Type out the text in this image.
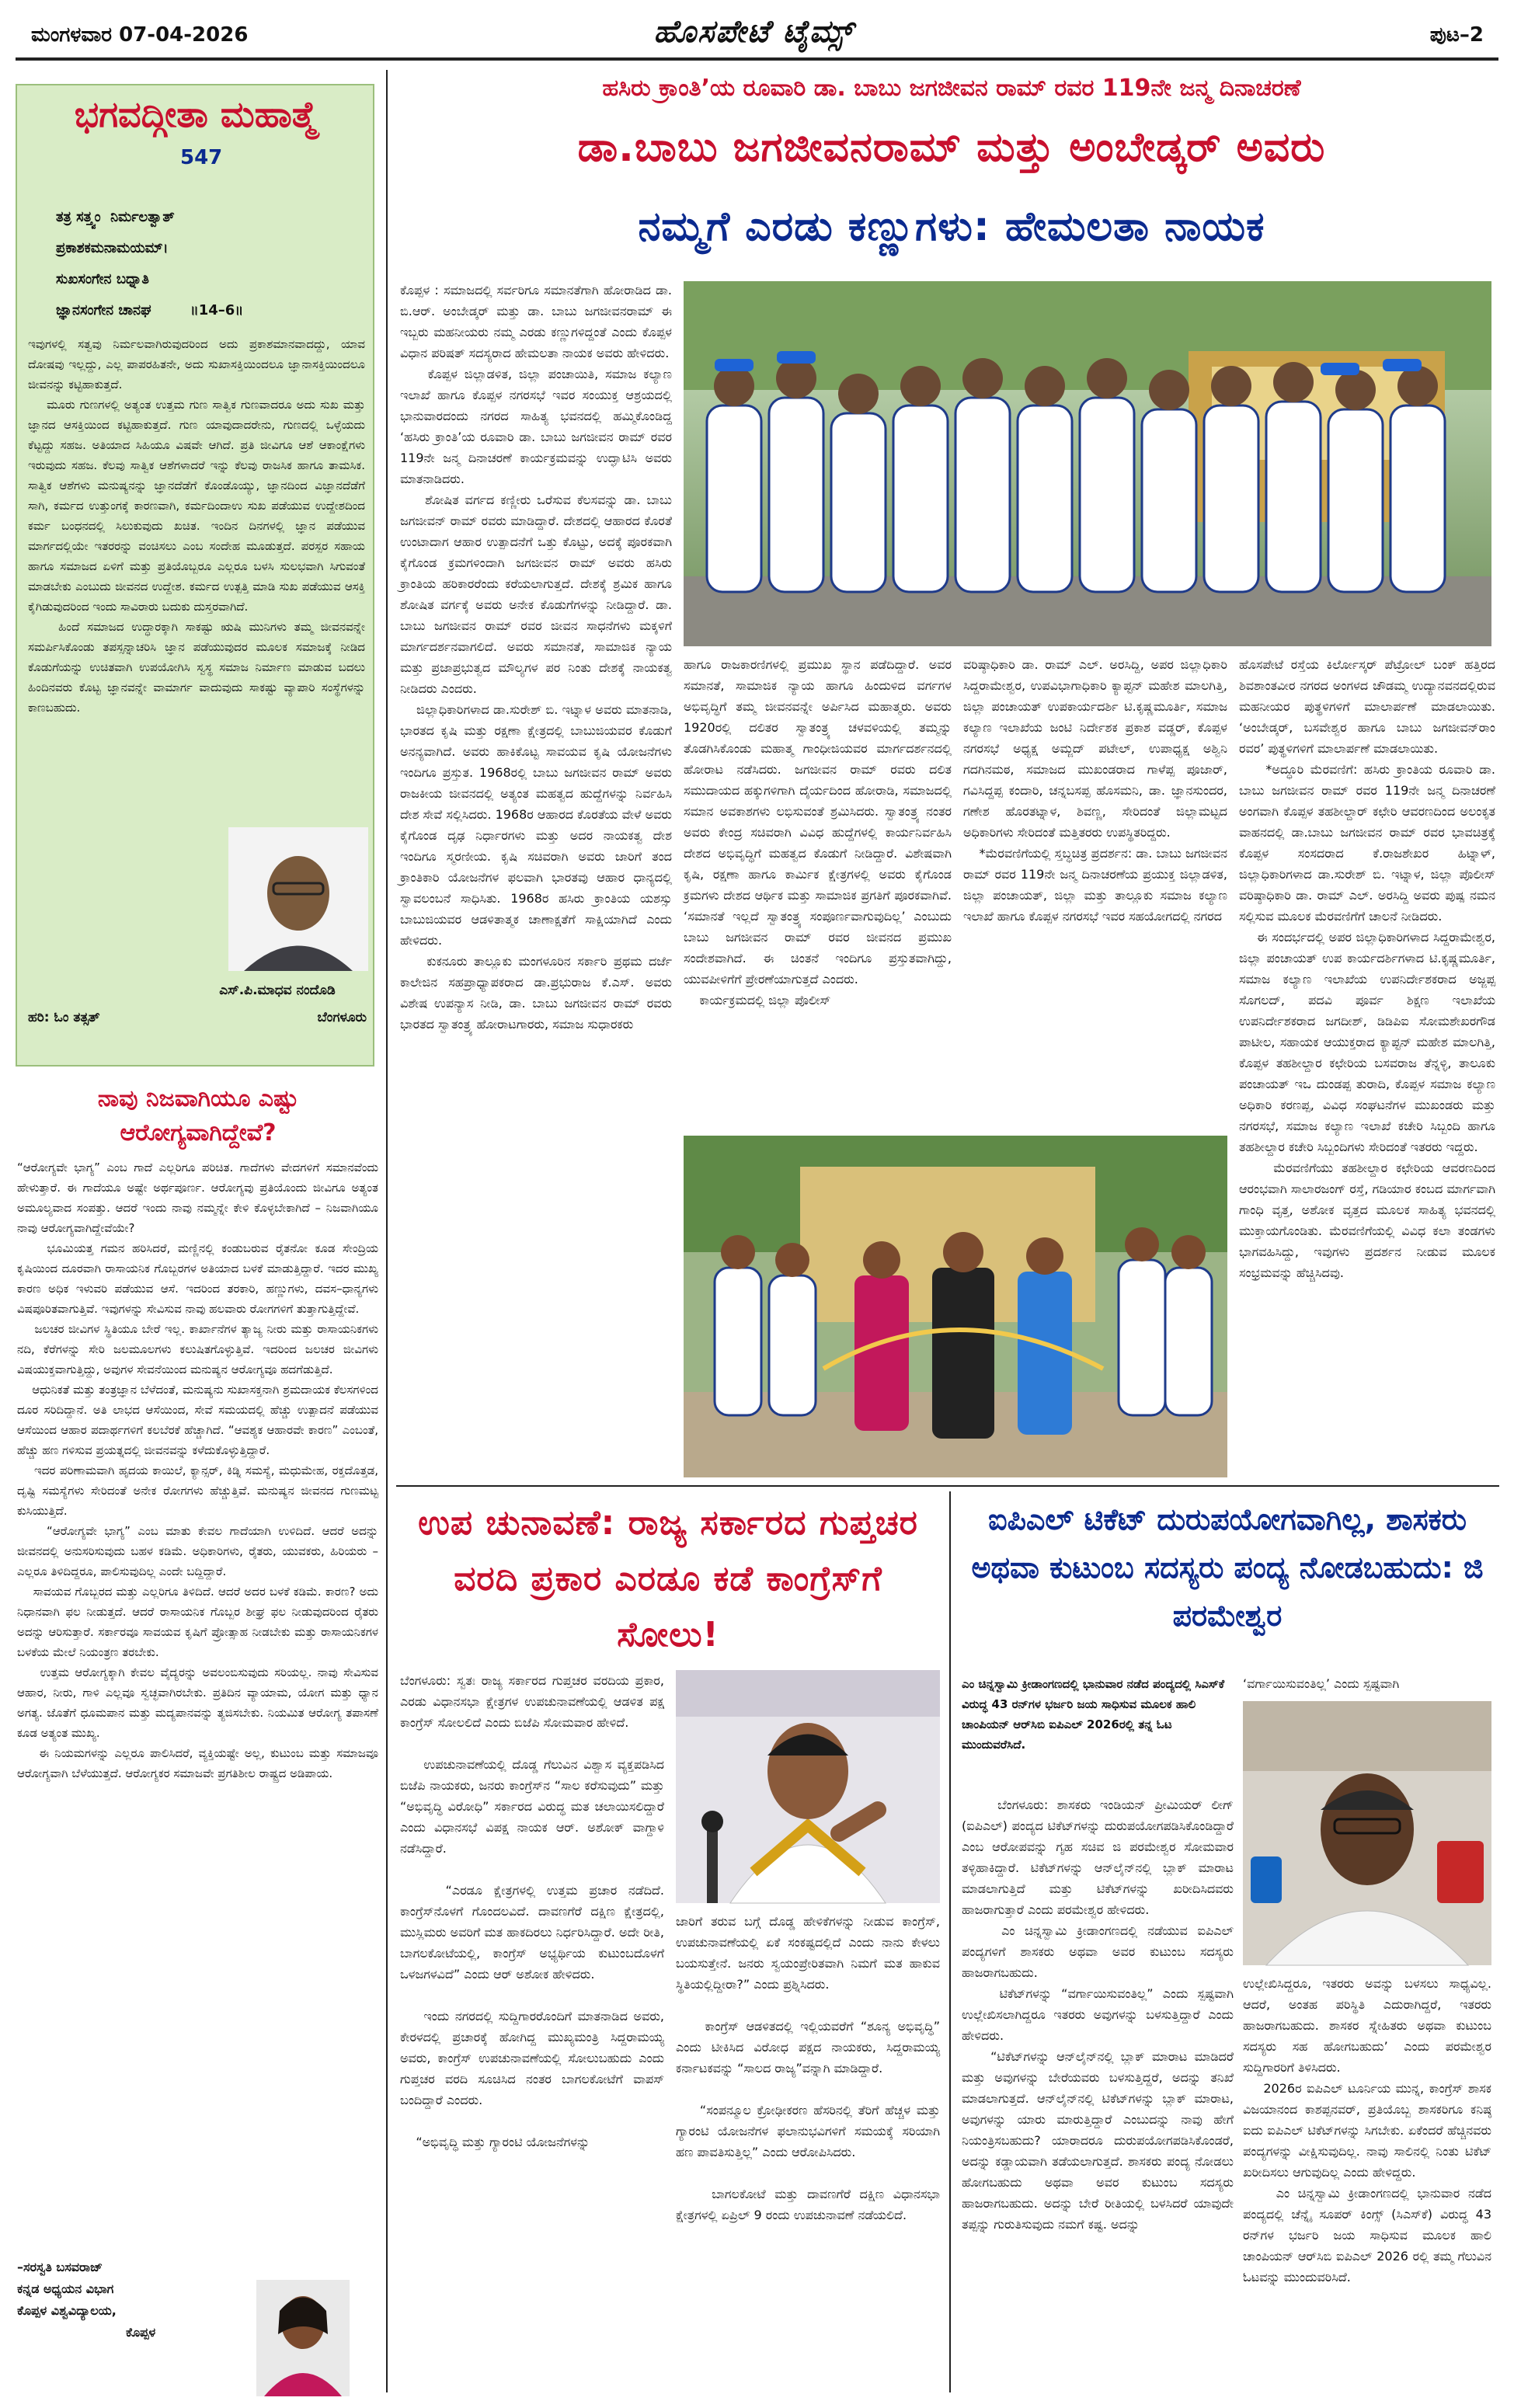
ಮಂಗಳವಾರ 07-04-2026	ಹೊಸಪೇಟೆ ಟೈಮ್ಸ್	ಪುಟ–2
ಭಗವದ್ಗೀತಾ ಮಹಾತ್ಮೆ
547
ತತ್ರ ಸತ್ತ್ವಂ  ನಿರ್ಮಲತ್ವಾತ್
ಪ್ರಕಾಶಕಮನಾಮಯಮ್।
ಸುಖಸಂಗೇನ ಬಧ್ನಾತಿ
ಜ್ಞಾನಸಂಗೇನ ಚಾನಘ        ॥14–6॥
ಇವುಗಳಲ್ಲಿ ಸತ್ವವು ನಿರ್ಮಲವಾಗಿರುವುದರಿಂದ ಅದು ಪ್ರಕಾಶಮಾನವಾದದ್ದು, ಯಾವ ದೋಷವು ಇಲ್ಲದ್ದು, ಎಲ್ಲ ಪಾಪರಹಿತನೇ, ಅದು ಸುಖಾಸಕ್ತಿಯಿಂದಲೂ ಜ್ಞಾನಾಸಕ್ತಿಯಿಂದಲೂ ಜೀವನನ್ನು ಕಟ್ಟಿಹಾಕುತ್ತದೆ.
ಮೂರು ಗುಣಗಳಲ್ಲಿ ಅತ್ಯಂತ ಉತ್ತಮ ಗುಣ ಸಾತ್ವಿಕ ಗುಣವಾದರೂ ಅದು ಸುಖ ಮತ್ತು ಜ್ಞಾನದ ಆಸಕ್ತಿಯಿಂದ ಕಟ್ಟಿಹಾಕುತ್ತದೆ. ಗುಣ ಯಾವುದಾದರೇನು, ಗುಣದಲ್ಲಿ ಒಳ್ಳೆಯದು ಕೆಟ್ಟದ್ದು ಸಹಜ. ಅತಿಯಾದ ಸಿಹಿಯೂ ವಿಷವೇ ಆಗಿದೆ. ಪ್ರತಿ ಜೀವಿಗೂ ಆಶೆ ಆಕಾಂಕ್ಷೆಗಳು ಇರುವುದು ಸಹಜ. ಕೆಲವು ಸಾತ್ವಿಕ ಆಶೆಗಳಾದರೆ ಇನ್ನು ಕೆಲವು ರಾಜಸಿಕ ಹಾಗೂ ತಾಮಸಿಕ. ಸಾತ್ವಿಕ ಆಶೆಗಳು ಮನುಷ್ಯನನ್ನು ಜ್ಞಾನದೆಡೆಗೆ ಕೊಂಡೊಯ್ಯು, ಜ್ಞಾನದಿಂದ ವಿಜ್ಞಾನದೆಡೆಗೆ ಸಾಗಿ, ಕರ್ಮದ ಉತ್ತುಂಗಕ್ಕೆ ಕಾರಣವಾಗಿ, ಕರ್ಮದಿಂದಾಉ ಸುಖ ಪಡೆಯುವ ಉದ್ದೇಶದಿಂದ ಕರ್ಮ ಬಂಧನದಲ್ಲಿ ಸಿಲುಕುವುದು ಖಚಿತ. ಇಂದಿನ ದಿನಗಳಲ್ಲಿ ಜ್ಞಾನ ಪಡೆಯುವ ಮಾರ್ಗದಲ್ಲಿಯೇ ಇತರರನ್ನು ವಂಚಿಸಲು ಎಂಬ ಸಂದೇಹ ಮೂಡುತ್ತದೆ. ಪರಸ್ಪರ ಸಹಾಯ ಹಾಗೂ ಸಮಾಜದ ಏಳಿಗೆ ಮತ್ತು ಪ್ರತಿಯೊಬ್ಬರೂ ಎಲ್ಲರೂ ಬಳಸಿ ಸುಲಭವಾಗಿ ಸಿಗುವಂತೆ ಮಾಡಬೇಕು ಎಂಬುದು ಜೀವನದ ಉದ್ದೇಶ. ಕರ್ಮದ ಉತ್ಪತ್ತಿ ಮಾಡಿ ಸುಖ ಪಡೆಯುವ ಆಸಕ್ತಿ ಕೈಗಿಡುವುದರಿಂದ ಇಂದು ಸಾವಿರಾರು ಬದುಕು ದುಸ್ತರವಾಗಿದೆ.
ಹಿಂದೆ ಸಮಾಜದ ಉದ್ಧಾರಕ್ಕಾಗಿ ಸಾಕಷ್ಟು ಋಷಿ ಮುನಿಗಳು ತಮ್ಮ ಜೀವನವನ್ನೇ ಸಮರ್ಪಿಸಿಕೊಂಡು ತಪಸ್ಸನ್ನಾಚರಿಸಿ ಜ್ಞಾನ ಪಡೆಯುವುದರ ಮೂಲಕ ಸಮಾಜಕ್ಕೆ ನೀಡಿದ ಕೊಡುಗೆಯನ್ನು ಉಚಿತವಾಗಿ ಉಪಯೋಗಿಸಿ ಸ್ವಸ್ಥ ಸಮಾಜ ನಿರ್ಮಾಣ ಮಾಡುವ ಬದಲು ಹಿಂದಿನವರು ಕೊಟ್ಟ ಜ್ಞಾನವನ್ನೇ ವಾಮಾರ್ಗ ವಾದುವುದು ಸಾಕಷ್ಟು ವ್ಯಾಪಾರಿ ಸಂಸ್ಥೆಗಳನ್ನು ಕಾಣಬಹುದು.
ಎಸ್.ಪಿ.ಮಾಧವ ನಂದೊಡಿ
ಬೆಂಗಳೂರು
ಹರಿ: ಓಂ ತತ್ಸತ್
ನಾವು ನಿಜವಾಗಿಯೂ ಎಷ್ಟು ಆರೋಗ್ಯವಾಗಿದ್ದೇವೆ?
“ಆರೋಗ್ಯವೇ ಭಾಗ್ಯ” ಎಂಬ ಗಾದೆ ಎಲ್ಲರಿಗೂ ಪರಿಚಿತ. ಗಾದೆಗಳು ವೇದಗಳಿಗೆ ಸಮಾನವೆಂದು ಹೇಳುತ್ತಾರೆ. ಈ ಗಾದೆಯೂ ಅಷ್ಟೇ ಅರ್ಥಪೂರ್ಣ. ಆರೋಗ್ಯವು ಪ್ರತಿಯೊಂದು ಜೀವಿಗೂ ಅತ್ಯಂತ ಅಮೂಲ್ಯವಾದ ಸಂಪತ್ತು. ಆದರೆ ಇಂದು ನಾವು ನಮ್ಮನ್ನೇ ಕೇಳಿ ಕೊಳ್ಳಬೇಕಾಗಿದೆ – ನಿಜವಾಗಿಯೂ ನಾವು ಆರೋಗ್ಯವಾಗಿದ್ದೇವೆಯೇ?
ಭೂಮಿಯತ್ತ ಗಮನ ಹರಿಸಿದರೆ, ಮಣ್ಣಿನಲ್ಲಿ ಕಂಡುಬರುವ ರೈತನೋ ಕೂಡ ಸೇಂದ್ರಿಯ ಕೃಷಿಯಿಂದ ದೂರವಾಗಿ ರಾಸಾಯನಿಕ ಗೊಬ್ಬರಗಳ ಅತಿಯಾದ ಬಳಕೆ ಮಾಡುತ್ತಿದ್ದಾರೆ. ಇದರ ಮುಖ್ಯ ಕಾರಣ ಅಧಿಕ ಇಳುವರಿ ಪಡೆಯುವ ಆಸೆ. ಇದರಿಂದ ತರಕಾರಿ, ಹಣ್ಣುಗಳು, ದವಸ–ಧಾನ್ಯಗಳು ವಿಷಪೂರಿತವಾಗುತ್ತಿವೆ. ಇವುಗಳನ್ನು ಸೇವಿಸುವ ನಾವು ಹಲವಾರು ರೋಗಗಳಿಗೆ ತುತ್ತಾಗುತ್ತಿದ್ದೇವೆ.
ಜಲಚರ ಜೀವಿಗಳ ಸ್ಥಿತಿಯೂ ಬೇರೆ ಇಲ್ಲ. ಕಾರ್ಖಾನೆಗಳ ತ್ಯಾಜ್ಯ ನೀರು ಮತ್ತು ರಾಸಾಯನಿಕಗಳು ನದಿ, ಕೆರೆಗಳನ್ನು ಸೇರಿ ಜಲಮೂಲಗಳು ಕಲುಷಿತಗೊಳ್ಳುತ್ತಿವೆ. ಇದರಿಂದ ಜಲಚರ ಜೀವಿಗಳು ವಿಷಯುಕ್ತವಾಗುತ್ತಿದ್ದು, ಅವುಗಳ ಸೇವನೆಯಿಂದ ಮನುಷ್ಯನ ಆರೋಗ್ಯವೂ ಹದಗೆಡುತ್ತಿದೆ.
ಆಧುನಿಕತೆ ಮತ್ತು ತಂತ್ರಜ್ಞಾನ ಬೆಳೆದಂತೆ, ಮನುಷ್ಯನು ಸುಖಾಸಕ್ತನಾಗಿ ಶ್ರಮದಾಯಕ ಕೆಲಸಗಳಿಂದ ದೂರ ಸರಿದಿದ್ದಾನೆ. ಅತಿ ಲಾಭದ ಆಸೆಯಿಂದ, ಸೇವೆ ಸಮಯದಲ್ಲಿ ಹೆಚ್ಚು ಉತ್ಪಾದನೆ ಪಡೆಯುವ ಆಸೆಯಿಂದ ಆಹಾರ ಪದಾರ್ಥಗಳಿಗೆ ಕಲಬೆರಕೆ ಹೆಚ್ಚಾಗಿದೆ. “ಆವಶ್ಯಕ ಆಹಾರವೇ ಕಾರಣ” ಎಂಬಂತೆ, ಹೆಚ್ಚು ಹಣ ಗಳಿಸುವ ಪ್ರಯತ್ನದಲ್ಲಿ ಜೀವನವನ್ನು ಕಳೆದುಕೊಳ್ಳುತ್ತಿದ್ದಾರೆ.
ಇದರ ಪರಿಣಾಮವಾಗಿ ಹೃದಯ ಕಾಯಿಲೆ, ಕ್ಯಾನ್ಸರ್, ಕಿಡ್ನಿ ಸಮಸ್ಯೆ, ಮಧುಮೇಹ, ರಕ್ತದೊತ್ತಡ, ದೃಷ್ಟಿ ಸಮಸ್ಯೆಗಳು ಸೇರಿದಂತೆ ಅನೇಕ ರೋಗಗಳು ಹೆಚ್ಚುತ್ತಿವೆ. ಮನುಷ್ಯನ ಜೀವನದ ಗುಣಮಟ್ಟ ಕುಸಿಯುತ್ತಿದೆ.
“ಆರೋಗ್ಯವೇ ಭಾಗ್ಯ” ಎಂಬ ಮಾತು ಕೇವಲ ಗಾದೆಯಾಗಿ ಉಳಿದಿದೆ. ಆದರೆ ಅದನ್ನು ಜೀವನದಲ್ಲಿ ಅನುಸರಿಸುವುದು ಬಹಳ ಕಡಿಮೆ. ಅಧಿಕಾರಿಗಳು, ರೈತರು, ಯುವಕರು, ಹಿರಿಯರು – ಎಲ್ಲರೂ ತಿಳಿದಿದ್ದರೂ, ಪಾಲಿಸುವುದಿಲ್ಲ ಎಂದೇ ಬದ್ದಿದ್ದಾರೆ.
ಸಾವಯವ ಗೊಬ್ಬರದ ಮತ್ತು ಎಲ್ಲರಿಗೂ ತಿಳಿದಿದೆ. ಆದರೆ ಅದರ ಬಳಕೆ ಕಡಿಮೆ. ಕಾರಣ? ಅದು ನಿಧಾನವಾಗಿ ಫಲ ನೀಡುತ್ತದೆ. ಆದರೆ ರಾಸಾಯನಿಕ ಗೊಬ್ಬರ ಶೀಘ್ರ ಫಲ ನೀಡುವುದರಿಂದ ರೈತರು ಅದನ್ನು ಆರಿಸುತ್ತಾರೆ. ಸರ್ಕಾರವೂ ಸಾವಯವ ಕೃಷಿಗೆ ಪ್ರೋತ್ಸಾಹ ನೀಡಬೇಕು ಮತ್ತು ರಾಸಾಯನಿಕಗಳ ಬಳಕೆಯ ಮೇಲೆ ನಿಯಂತ್ರಣ ತರಬೇಕು.
ಉತ್ತಮ ಆರೋಗ್ಯಕ್ಕಾಗಿ ಕೇವಲ ವೈದ್ಯರನ್ನು ಅವಲಂಬಿಸುವುದು ಸರಿಯಲ್ಲ. ನಾವು ಸೇವಿಸುವ ಆಹಾರ, ನೀರು, ಗಾಳಿ ಎಲ್ಲವೂ ಸ್ವಚ್ಛವಾಗಿರಬೇಕು. ಪ್ರತಿದಿನ ವ್ಯಾಯಾಮ, ಯೋಗ ಮತ್ತು ಧ್ಯಾನ ಅಗತ್ಯ. ಜೊತೆಗೆ ಧೂಮಪಾನ ಮತ್ತು ಮದ್ಯಪಾನವನ್ನು ತ್ಯಜಿಸಬೇಕು. ನಿಯಮಿತ ಆರೋಗ್ಯ ತಪಾಸಣೆ ಕೂಡ ಅತ್ಯಂತ ಮುಖ್ಯ.
ಈ ನಿಯಮಗಳನ್ನು ಎಲ್ಲರೂ ಪಾಲಿಸಿದರೆ, ವ್ಯಕ್ತಿಯಷ್ಟೇ ಅಲ್ಲ, ಕುಟುಂಬ ಮತ್ತು ಸಮಾಜವೂ ಆರೋಗ್ಯವಾಗಿ ಬೆಳೆಯುತ್ತದೆ. ಆರೋಗ್ಯಕರ ಸಮಾಜವೇ ಪ್ರಗತಿಶೀಲ ರಾಷ್ಟ್ರದ ಅಡಿಪಾಯ.
–ಸರಸ್ವತಿ ಬಸವರಾಜ್
ಕನ್ನಡ ಅಧ್ಯಯನ ವಿಭಾಗ
ಕೊಪ್ಪಳ ವಿಶ್ವವಿದ್ಯಾಲಯ,
ಕೊಪ್ಪಳ
ಹಸಿರು ಕ್ರಾಂತಿ’ಯ ರೂವಾರಿ ಡಾ. ಬಾಬು ಜಗಜೀವನ ರಾಮ್ ರವರ 119ನೇ ಜನ್ಮ ದಿನಾಚರಣೆ
ಡಾ.ಬಾಬು ಜಗಜೀವನರಾಮ್ ಮತ್ತು ಅಂಬೇಡ್ಕರ್ ಅವರು
ನಮ್ಮಗೆ ಎರಡು ಕಣ್ಣುಗಳು: ಹೇಮಲತಾ ನಾಯಕ
ಕೊಪ್ಪಳ : ಸಮಾಜದಲ್ಲಿ ಸರ್ವರಿಗೂ ಸಮಾನತೆಗಾಗಿ ಹೋರಾಡಿದ ಡಾ. ಬಿ.ಆರ್. ಅಂಬೇಡ್ಕರ್ ಮತ್ತು ಡಾ. ಬಾಬು ಜಗಜೀವನರಾಮ್ ಈ ಇಬ್ಬರು ಮಹನೀಯರು ನಮ್ಮ ಎರಡು ಕಣ್ಣುಗಳಿದ್ದಂತೆ ಎಂದು ಕೊಪ್ಪಳ ವಿಧಾನ ಪರಿಷತ್ ಸದಸ್ಯರಾದ ಹೇಮಲತಾ ನಾಯಕ ಅವರು ಹೇಳಿದರು.
ಕೊಪ್ಪಳ ಜಿಲ್ಲಾಡಳಿತ, ಜಿಲ್ಲಾ ಪಂಚಾಯಿತಿ, ಸಮಾಜ ಕಲ್ಯಾಣ ಇಲಾಖೆ ಹಾಗೂ ಕೊಪ್ಪಳ ನಗರಸಭೆ ಇವರ ಸಂಯುಕ್ತ ಆಶ್ರಯದಲ್ಲಿ ಭಾನುವಾರದಂದು ನಗರದ ಸಾಹಿತ್ಯ ಭವನದಲ್ಲಿ ಹಮ್ಮಿಕೊಂಡಿದ್ದ ‘ಹಸಿರು ಕ್ರಾಂತಿ’ಯ ರೂವಾರಿ ಡಾ. ಬಾಬು ಜಗಜೀವನ ರಾಮ್ ರವರ 119ನೇ ಜನ್ಮ ದಿನಾಚರಣೆ ಕಾರ್ಯಕ್ರಮವನ್ನು ಉದ್ಘಾಟಿಸಿ ಅವರು ಮಾತನಾಡಿದರು.
ಶೋಷಿತ ವರ್ಗದ ಕಣ್ಣೀರು ಒರೆಸುವ ಕೆಲಸವನ್ನು ಡಾ. ಬಾಬು ಜಗಜೀವನ್ ರಾಮ್ ರವರು ಮಾಡಿದ್ದಾರೆ. ದೇಶದಲ್ಲಿ ಆಹಾರದ ಕೊರತೆ ಉಂಟಾದಾಗ ಆಹಾರ ಉತ್ಪಾದನೆಗೆ ಒತ್ತು ಕೊಟ್ಟು, ಅದಕ್ಕೆ ಪೂರಕವಾಗಿ ಕೈಗೊಂಡ ಕ್ರಮಗಳಿಂದಾಗಿ ಜಗಜೀವನ ರಾಮ್ ಅವರು ಹಸಿರು ಕ್ರಾಂತಿಯ ಹರಿಕಾರರೆಂದು ಕರೆಯಲಾಗುತ್ತದೆ. ದೇಶಕ್ಕೆ ಶ್ರಮಿಕ ಹಾಗೂ ಶೋಷಿತ ವರ್ಗಕ್ಕೆ ಅವರು ಅನೇಕ ಕೊಡುಗೆಗಳನ್ನು ನೀಡಿದ್ದಾರೆ. ಡಾ. ಬಾಬು ಜಗಜೀವನ ರಾಮ್ ರವರ ಜೀವನ ಸಾಧನೆಗಳು ಮಕ್ಕಳಿಗೆ ಮಾರ್ಗದರ್ಶನವಾಗಲಿದೆ. ಅವರು ಸಮಾನತೆ, ಸಾಮಾಜಿಕ ನ್ಯಾಯ ಮತ್ತು ಪ್ರಜಾಪ್ರಭುತ್ವದ ಮೌಲ್ಯಗಳ ಪರ ನಿಂತು ದೇಶಕ್ಕೆ ನಾಯಕತ್ವ ನೀಡಿದರು ಎಂದರು.
ಜಿಲ್ಲಾಧಿಕಾರಿಗಳಾದ ಡಾ.ಸುರೇಶ್ ಬಿ. ಇಟ್ನಾಳ ಅವರು ಮಾತನಾಡಿ, ಭಾರತದ ಕೃಷಿ ಮತ್ತು ರಕ್ಷಣಾ ಕ್ಷೇತ್ರದಲ್ಲಿ ಬಾಬುಜಿಯವರ ಕೊಡುಗೆ ಅನನ್ಯವಾಗಿದೆ. ಅವರು ಹಾಕಿಕೊಟ್ಟ ಸಾವಯವ ಕೃಷಿ ಯೋಜನೆಗಳು ಇಂದಿಗೂ ಪ್ರಸ್ತುತ. 1968ರಲ್ಲಿ ಬಾಬು ಜಗಜೀವನ ರಾಮ್ ಅವರು ರಾಜಕೀಯ ಜೀವನದಲ್ಲಿ ಅತ್ಯಂತ ಮಹತ್ವದ ಹುದ್ದೆಗಳನ್ನು ನಿರ್ವಹಿಸಿ ದೇಶ ಸೇವೆ ಸಲ್ಲಿಸಿದರು. 1968ರ ಆಹಾರದ ಕೊರತೆಯ ವೇಳೆ ಅವರು ಕೈಗೊಂಡ ದೃಢ ನಿರ್ಧಾರಗಳು ಮತ್ತು ಅದರ ನಾಯಕತ್ವ ದೇಶ ಇಂದಿಗೂ ಸ್ಮರಣೀಯ. ಕೃಷಿ ಸಚಿವರಾಗಿ ಅವರು ಜಾರಿಗೆ ತಂದ ಕ್ರಾಂತಿಕಾರಿ ಯೋಜನೆಗಳ ಫಲವಾಗಿ ಭಾರತವು ಆಹಾರ ಧಾನ್ಯದಲ್ಲಿ ಸ್ವಾವಲಂಬನೆ ಸಾಧಿಸಿತು. 1968ರ ಹಸಿರು ಕ್ರಾಂತಿಯ ಯಶಸ್ಸು ಬಾಬುಜಿಯವರ ಆಡಳಿತಾತ್ಮಕ ಚಾಣಾಕ್ಷತೆಗೆ ಸಾಕ್ಷಿಯಾಗಿದೆ ಎಂದು ಹೇಳಿದರು.
ಕುಕನೂರು ತಾಲ್ಲೂಕು ಮಂಗಳೂರಿನ ಸರ್ಕಾರಿ ಪ್ರಥಮ ದರ್ಜೆ ಕಾಲೇಜಿನ ಸಹಪ್ರಾಧ್ಯಾಪಕರಾದ ಡಾ.ಪ್ರಭುರಾಜ ಕೆ.ಎಸ್. ಅವರು ವಿಶೇಷ ಉಪನ್ಯಾಸ ನೀಡಿ, ಡಾ. ಬಾಬು ಜಗಜೀವನ ರಾಮ್ ರವರು ಭಾರತದ ಸ್ವಾತಂತ್ರ್ಯ ಹೋರಾಟಗಾರರು, ಸಮಾಜ ಸುಧಾರಕರು
ಹಾಗೂ ರಾಜಕಾರಣಿಗಳಲ್ಲಿ ಪ್ರಮುಖ ಸ್ಥಾನ ಪಡೆದಿದ್ದಾರೆ. ಅವರ ಸಮಾನತೆ, ಸಾಮಾಜಿಕ ನ್ಯಾಯ ಹಾಗೂ ಹಿಂದುಳಿದ ವರ್ಗಗಳ ಅಭಿವೃದ್ಧಿಗೆ ತಮ್ಮ ಜೀವನವನ್ನೇ ಅರ್ಪಿಸಿದ ಮಹಾತ್ಮರು. ಅವರು 1920ರಲ್ಲಿ ದಲಿತರ ಸ್ವಾತಂತ್ರ್ಯ ಚಳವಳಿಯಲ್ಲಿ ತಮ್ಮನ್ನು ತೊಡಗಿಸಿಕೊಂಡು ಮಹಾತ್ಮ ಗಾಂಧೀಜಿಯವರ ಮಾರ್ಗದರ್ಶನದಲ್ಲಿ ಹೋರಾಟ ನಡೆಸಿದರು. ಜಗಜೀವನ ರಾಮ್ ರವರು ದಲಿತ ಸಮುದಾಯದ ಹಕ್ಕುಗಳಿಗಾಗಿ ದೈರ್ಯದಿಂದ ಹೋರಾಡಿ, ಸಮಾಜದಲ್ಲಿ ಸಮಾನ ಅವಕಾಶಗಳು ಲಭಿಸುವಂತೆ ಶ್ರಮಿಸಿದರು. ಸ್ವಾತಂತ್ರ್ಯ ನಂತರ ಅವರು ಕೇಂದ್ರ ಸಚಿವರಾಗಿ ವಿವಿಧ ಹುದ್ದೆಗಳಲ್ಲಿ ಕಾರ್ಯನಿರ್ವಹಿಸಿ ದೇಶದ ಅಭಿವೃದ್ಧಿಗೆ ಮಹತ್ವದ ಕೊಡುಗೆ ನೀಡಿದ್ದಾರೆ. ವಿಶೇಷವಾಗಿ ಕೃಷಿ, ರಕ್ಷಣಾ ಹಾಗೂ ಕಾರ್ಮಿಕ ಕ್ಷೇತ್ರಗಳಲ್ಲಿ ಅವರು ಕೈಗೊಂಡ ಕ್ರಮಗಳು ದೇಶದ ಆರ್ಥಿಕ ಮತ್ತು ಸಾಮಾಜಿಕ ಪ್ರಗತಿಗೆ ಪೂರಕವಾಗಿವೆ. ‘ಸಮಾನತೆ ಇಲ್ಲದೆ ಸ್ವಾತಂತ್ರ್ಯ ಸಂಪೂರ್ಣವಾಗುವುದಿಲ್ಲ’ ಎಂಬುದು ಬಾಬು ಜಗಜೀವನ ರಾಮ್ ರವರ ಜೀವನದ ಪ್ರಮುಖ ಸಂದೇಶವಾಗಿದೆ. ಈ ಚಿಂತನೆ ಇಂದಿಗೂ ಪ್ರಸ್ತುತವಾಗಿದ್ದು, ಯುವಪೀಳಿಗೆಗೆ ಪ್ರೇರಣೆಯಾಗುತ್ತದೆ ಎಂದರು.
ಕಾರ್ಯಕ್ರಮದಲ್ಲಿ ಜಿಲ್ಲಾ ಪೊಲೀಸ್
ವರಿಷ್ಠಾಧಿಕಾರಿ ಡಾ. ರಾಮ್ ಎಲ್. ಅರಸಿದ್ದಿ, ಅಪರ ಜಿಲ್ಲಾಧಿಕಾರಿ ಸಿದ್ದರಾಮೇಶ್ವರ, ಉಪವಿಭಾಗಾಧಿಕಾರಿ ಕ್ಯಾಪ್ಟನ್ ಮಹೇಶ ಮಾಲಗಿತ್ತಿ, ಜಿಲ್ಲಾ ಪಂಚಾಯತ್ ಉಪಕಾರ್ಯದರ್ಶಿ ಟಿ.ಕೃಷ್ಣಮೂರ್ತಿ, ಸಮಾಜ ಕಲ್ಯಾಣ ಇಲಾಖೆಯ ಜಂಟಿ ನಿರ್ದೇಶಕ ಪ್ರಕಾಶ ವಡ್ಡರ್, ಕೊಪ್ಪಳ ನಗರಸಭೆ ಅಧ್ಯಕ್ಷ ಅಮ್ಜದ್ ಪಟೇಲ್, ಉಪಾಧ್ಯಕ್ಷ ಅಶ್ವಿನಿ ಗದಗಿನಮಠ, ಸಮಾಜದ ಮುಖಂಡರಾದ ಗಾಳೆಪ್ಪ ಪೂಜಾರ್, ಗವಿಸಿದ್ದಪ್ಪ ಕಂದಾರಿ, ಚನ್ನಬಸಪ್ಪ ಹೊಸಮನಿ, ಡಾ. ಜ್ಞಾನಸುಂದರ, ಗಣೇಶ ಹೊರತಟ್ನಾಳ, ಶಿವಣ್ಣ, ಸೇರಿದಂತೆ ಜಿಲ್ಲಾಮಟ್ಟದ ಅಧಿಕಾರಿಗಳು ಸೇರಿದಂತೆ ಮತ್ತಿತರರು ಉಪಸ್ಥಿತರಿದ್ದರು.
*ಮೆರವಣಿಗೆಯಲ್ಲಿ ಸ್ತಬ್ಧಚಿತ್ರ ಪ್ರದರ್ಶನ: ಡಾ. ಬಾಬು ಜಗಜೀವನ ರಾಮ್ ರವರ 119ನೇ ಜನ್ಮ ದಿನಾಚರಣೆಯ ಪ್ರಯುಕ್ತ ಜಿಲ್ಲಾಡಳಿತ, ಜಿಲ್ಲಾ ಪಂಚಾಯತ್, ಜಿಲ್ಲಾ ಮತ್ತು ತಾಲ್ಲೂಕು ಸಮಾಜ ಕಲ್ಯಾಣ ಇಲಾಖೆ ಹಾಗೂ ಕೊಪ್ಪಳ ನಗರಸಭೆ ಇವರ ಸಹಯೋಗದಲ್ಲಿ ನಗರದ
ಹೊಸಪೇಟೆ ರಸ್ತೆಯ ಕಿರ್ಲೋಸ್ಕರ್ ಪೆಟ್ರೋಲ್ ಬಂಕ್ ಹತ್ತಿರದ ಶಿವಶಾಂತವೀರ ನಗರದ ಅಂಗಳದ ಚೌಡಮ್ಮ ಉದ್ಯಾನವನದಲ್ಲಿರುವ ಮಹನೀಯರ ಪುತ್ಥಳಿಗಳಿಗೆ ಮಾಲಾರ್ಪಣೆ ಮಾಡಲಾಯಿತು. ‘ಅಂಬೇಡ್ಕರ್, ಬಸವೇಶ್ವರ ಹಾಗೂ ಬಾಬು ಜಗಜೀವನ್‌ರಾಂ ರವರ’ ಪುತ್ಥಳಿಗಳಿಗೆ ಮಾಲಾರ್ಪಣೆ ಮಾಡಲಾಯಿತು.
*ಅದ್ಧೂರಿ ಮೆರವಣಿಗೆ: ಹಸಿರು ಕ್ರಾಂತಿಯ ರೂವಾರಿ ಡಾ. ಬಾಬು ಜಗಜೀವನ ರಾಮ್ ರವರ 119ನೇ ಜನ್ಮ ದಿನಾಚರಣೆ ಅಂಗವಾಗಿ ಕೊಪ್ಪಳ ತಹಶೀಲ್ದಾರ್ ಕಛೇರಿ ಆವರಣದಿಂದ ಅಲಂಕೃತ ವಾಹನದಲ್ಲಿ ಡಾ.ಬಾಬು ಜಗಜೀವನ ರಾಮ್ ರವರ ಭಾವಚಿತ್ರಕ್ಕೆ ಕೊಪ್ಪಳ ಸಂಸದರಾದ ಕೆ.ರಾಜಶೇಖರ ಹಿಟ್ನಾಳ್, ಜಿಲ್ಲಾಧಿಕಾರಿಗಳಾದ ಡಾ.ಸುರೇಶ್ ಬಿ. ಇಟ್ನಾಳ, ಜಿಲ್ಲಾ ಪೊಲೀಸ್ ವರಿಷ್ಠಾಧಿಕಾರಿ ಡಾ. ರಾಮ್ ಎಲ್. ಅರಸಿದ್ದಿ ಅವರು ಪುಷ್ಪ ನಮನ ಸಲ್ಲಿಸುವ ಮೂಲಕ ಮೆರವಣಿಗೆಗೆ ಚಾಲನೆ ನೀಡಿದರು.
ಈ ಸಂದರ್ಭದಲ್ಲಿ ಅಪರ ಜಿಲ್ಲಾಧಿಕಾರಿಗಳಾದ ಸಿದ್ದರಾಮೇಶ್ವರ, ಜಿಲ್ಲಾ ಪಂಚಾಯತ್ ಉಪ ಕಾರ್ಯದರ್ಶಿಗಳಾದ ಟಿ.ಕೃಷ್ಣಮೂರ್ತಿ, ಸಮಾಜ ಕಲ್ಯಾಣ ಇಲಾಖೆಯ ಉಪನಿರ್ದೇಶಕರಾದ ಅಜ್ಜಪ್ಪ ಸೊಗಲದ್, ಪದವಿ ಪೂರ್ವ ಶಿಕ್ಷಣ ಇಲಾಖೆಯ ಉಪನಿರ್ದೇಶಕರಾದ ಜಗದೀಶ್, ಡಿಡಿಪಿಐ ಸೋಮಶೇಖರಗೌಡ ಪಾಟೀಲ, ಸಹಾಯಕ ಆಯುಕ್ತರಾದ ಕ್ಯಾಪ್ಟನ್ ಮಹೇಶ ಮಾಲಗಿತ್ತಿ, ಕೊಪ್ಪಳ ತಹಶೀಲ್ದಾರ ಕಛೇರಿಯ ಬಸವರಾಜ ತೆನ್ನಳ್ಳಿ, ತಾಲೂಕು ಪಂಚಾಯತ್ ಇಒ ದುಂಡಪ್ಪ ತುರಾದಿ, ಕೊಪ್ಪಳ ಸಮಾಜ ಕಲ್ಯಾಣ ಅಧಿಕಾರಿ ಕರಣಪ್ಪ, ವಿವಿಧ ಸಂಘಟನೆಗಳ ಮುಖಂಡರು ಮತ್ತು ನಗರಸಭೆ, ಸಮಾಜ ಕಲ್ಯಾಣ ಇಲಾಖೆ ಕಚೇರಿ ಸಿಬ್ಬಂದಿ ಹಾಗೂ ತಹಶೀಲ್ದಾರ ಕಚೇರಿ ಸಿಬ್ಬಂದಿಗಳು ಸೇರಿದಂತೆ ಇತರರು ಇದ್ದರು.
ಮೆರವಣಿಗೆಯು ತಹಶೀಲ್ದಾರ ಕಛೇರಿಯ ಆವರಣದಿಂದ ಆರಂಭವಾಗಿ ಸಾಲಾರಜಂಗ್ ರಸ್ತೆ, ಗಡಿಯಾರ ಕಂಬದ ಮಾರ್ಗವಾಗಿ ಗಾಂಧಿ ವೃತ್ತ, ಅಶೋಕ ವೃತ್ತದ ಮೂಲಕ ಸಾಹಿತ್ಯ ಭವನದಲ್ಲಿ ಮುಕ್ತಾಯಗೊಂಡಿತು. ಮೆರವಣಿಗೆಯಲ್ಲಿ ವಿವಿಧ ಕಲಾ ತಂಡಗಳು ಭಾಗವಹಿಸಿದ್ದು, ಇವುಗಳು ಪ್ರದರ್ಶನ ನೀಡುವ ಮೂಲಕ ಸಂಭ್ರಮವನ್ನು ಹೆಚ್ಚಿಸಿದವು.
ಉಪ ಚುನಾವಣೆ: ರಾಜ್ಯ ಸರ್ಕಾರದ ಗುಪ್ತಚರ ವರದಿ ಪ್ರಕಾರ ಎರಡೂ ಕಡೆ ಕಾಂಗ್ರೆಸ್‌ಗೆ ಸೋಲು!
ಬೆಂಗಳೂರು: ಸ್ವತಃ ರಾಜ್ಯ ಸರ್ಕಾರದ ಗುಪ್ತಚರ ವರದಿಯ ಪ್ರಕಾರ, ಎರಡು ವಿಧಾನಸಭಾ ಕ್ಷೇತ್ರಗಳ ಉಪಚುನಾವಣೆಯಲ್ಲಿ ಆಡಳಿತ ಪಕ್ಷ ಕಾಂಗ್ರೆಸ್ ಸೋಲಲಿದೆ ಎಂದು ಬಿಜೆಪಿ ಸೋಮವಾರ ಹೇಳಿದೆ.

ಉಪಚುನಾವಣೆಯಲ್ಲಿ ದೊಡ್ಡ ಗೆಲುವಿನ ವಿಶ್ವಾಸ ವ್ಯಕ್ತಪಡಿಸಿದ ಬಿಜೆಪಿ ನಾಯಕರು, ಜನರು ಕಾಂಗ್ರೆಸ್‌ನ “ಸಾಲ ಕರೆಸುವುದು” ಮತ್ತು “ಅಭಿವೃದ್ಧಿ ವಿರೋಧಿ” ಸರ್ಕಾರದ ವಿರುದ್ಧ ಮತ ಚಲಾಯಿಸಲಿದ್ದಾರೆ ಎಂದು ವಿಧಾನಸಭೆ ವಿಪಕ್ಷ ನಾಯಕ ಆರ್. ಅಶೋಕ್ ವಾಗ್ದಾಳಿ ನಡೆಸಿದ್ದಾರೆ.

“ಎರಡೂ ಕ್ಷೇತ್ರಗಳಲ್ಲಿ ಉತ್ತಮ ಪ್ರಚಾರ ನಡೆದಿದೆ. ಕಾಂಗ್ರೆಸ್‌ನೊಳಗೆ ಗೊಂದಲವಿದೆ. ದಾವಣಗೆರೆ ದಕ್ಷಿಣ ಕ್ಷೇತ್ರದಲ್ಲಿ, ಮುಸ್ಲಿಮರು ಅವರಿಗೆ ಮತ ಹಾಕದಿರಲು ನಿರ್ಧರಿಸಿದ್ದಾರೆ. ಅದೇ ರೀತಿ, ಬಾಗಲಕೋಟೆಯಲ್ಲಿ, ಕಾಂಗ್ರೆಸ್ ಅಭ್ಯರ್ಥಿಯ ಕುಟುಂಬದೊಳಗೆ ಒಳಜಗಳವಿದೆ” ಎಂದು ಆರ್ ಅಶೋಕ ಹೇಳಿದರು.

ಇಂದು ನಗರದಲ್ಲಿ ಸುದ್ದಿಗಾರರೊಂದಿಗೆ ಮಾತನಾಡಿದ ಅವರು, ಕೇರಳದಲ್ಲಿ ಪ್ರಚಾರಕ್ಕೆ ಹೋಗಿದ್ದ ಮುಖ್ಯಮಂತ್ರಿ ಸಿದ್ದರಾಮಯ್ಯ ಅವರು, ಕಾಂಗ್ರೆಸ್ ಉಪಚುನಾವಣೆಯಲ್ಲಿ ಸೋಲುಬಹುದು ಎಂದು ಗುಪ್ತಚರ ವರದಿ ಸೂಚಿಸಿದ ನಂತರ ಬಾಗಲಕೋಟೆಗೆ ವಾಪಸ್ ಬಂದಿದ್ದಾರೆ ಎಂದರು.

“ಅಭಿವೃದ್ಧಿ ಮತ್ತು ಗ್ಯಾರಂಟಿ ಯೋಜನೆಗಳನ್ನು
ಜಾರಿಗೆ ತರುವ ಬಗ್ಗೆ ದೊಡ್ಡ ಹೇಳಿಕೆಗಳನ್ನು ನೀಡುವ ಕಾಂಗ್ರೆಸ್, ಉಪಚುನಾವಣೆಯಲ್ಲಿ ಏಕೆ ಸಂಕಷ್ಟದಲ್ಲಿದೆ ಎಂದು ನಾನು ಕೇಳಲು ಬಯಸುತ್ತೇನೆ. ಜನರು ಸ್ವಯಂಪ್ರೇರಿತವಾಗಿ ನಿಮಗೆ ಮತ ಹಾಕುವ ಸ್ಥಿತಿಯಲ್ಲಿದ್ದೀರಾ?” ಎಂದು ಪ್ರಶ್ನಿಸಿದರು.

ಕಾಂಗ್ರೆಸ್ ಆಡಳಿತದಲ್ಲಿ ಇಲ್ಲಿಯವರೆಗೆ “ಶೂನ್ಯ ಅಭಿವೃದ್ಧಿ” ಎಂದು ಟೀಕಿಸಿದ ವಿರೋಧ ಪಕ್ಷದ ನಾಯಕರು, ಸಿದ್ದರಾಮಯ್ಯ ಕರ್ನಾಟಕವನ್ನು “ಸಾಲದ ರಾಜ್ಯ”ವನ್ನಾಗಿ ಮಾಡಿದ್ದಾರೆ.

“ಸಂಪನ್ಮೂಲ ಕ್ರೋಢೀಕರಣ ಹೆಸರಿನಲ್ಲಿ ತೆರಿಗೆ ಹೆಚ್ಚಳ ಮತ್ತು ಗ್ಯಾರಂಟಿ ಯೋಜನೆಗಳ ಫಲಾನುಭವಿಗಳಿಗೆ ಸಮಯಕ್ಕೆ ಸರಿಯಾಗಿ ಹಣ ಪಾವತಿಸುತ್ತಿಲ್ಲ” ಎಂದು ಆರೋಪಿಸಿದರು.

ಬಾಗಲಕೋಟೆ ಮತ್ತು ದಾವಣಗೆರೆ ದಕ್ಷಿಣ ವಿಧಾನಸಭಾ ಕ್ಷೇತ್ರಗಳಲ್ಲಿ ಏಪ್ರಿಲ್ 9 ರಂದು ಉಪಚುನಾವಣೆ ನಡೆಯಲಿದೆ.
ಐಪಿಎಲ್ ಟಿಕೆಟ್ ದುರುಪಯೋಗವಾಗಿಲ್ಲ, ಶಾಸಕರು ಅಥವಾ ಕುಟುಂಬ ಸದಸ್ಯರು ಪಂದ್ಯ ನೋಡಬಹುದು: ಜಿ ಪರಮೇಶ್ವರ
ಎಂ ಚಿನ್ನಸ್ವಾಮಿ ಕ್ರೀಡಾಂಗಣದಲ್ಲಿ ಭಾನುವಾರ ನಡೆದ ಪಂದ್ಯದಲ್ಲಿ ಸಿಎಸ್‌ಕೆ ವಿರುದ್ಧ 43 ರನ್‌ಗಳ ಭರ್ಜರಿ ಜಯ ಸಾಧಿಸುವ ಮೂಲಕ ಹಾಲಿ ಚಾಂಪಿಯನ್ ಆರ್‌ಸಿಬಿ ಐಪಿಎಲ್ 2026ರಲ್ಲಿ ತನ್ನ ಓಟ ಮುಂದುವರೆಸಿದೆ.
ಬೆಂಗಳೂರು: ಶಾಸಕರು ಇಂಡಿಯನ್ ಪ್ರೀಮಿಯರ್ ಲೀಗ್ (ಐಪಿಎಲ್) ಪಂದ್ಯದ ಟಿಕೆಟ್‌ಗಳನ್ನು ದುರುಪಯೋಗಪಡಿಸಿಕೊಂಡಿದ್ದಾರೆ ಎಂಬ ಆರೋಪವನ್ನು ಗೃಹ ಸಚಿವ ಜಿ ಪರಮೇಶ್ವರ ಸೋಮವಾರ ತಳ್ಳಿಹಾಕಿದ್ದಾರೆ. ಟಿಕೆಟ್‌ಗಳನ್ನು ಆನ್‌ಲೈನ್‌ನಲ್ಲಿ ಬ್ಲಾಕ್ ಮಾರಾಟ ಮಾಡಲಾಗುತ್ತಿದೆ ಮತ್ತು ಟಿಕೆಟ್‌ಗಳನ್ನು ಖರೀದಿಸಿದವರು ಹಾಜರಾಗುತ್ತಾರೆ ಎಂದು ಪರಮೇಶ್ವರ ಹೇಳಿದರು.
ಎಂ ಚಿನ್ನಸ್ವಾಮಿ ಕ್ರೀಡಾಂಗಣದಲ್ಲಿ ನಡೆಯುವ ಐಪಿಎಲ್ ಪಂದ್ಯಗಳಿಗೆ ಶಾಸಕರು ಅಥವಾ ಅವರ ಕುಟುಂಬ ಸದಸ್ಯರು ಹಾಜರಾಗಬಹುದು.
ಟಿಕೆಟ್‌ಗಳನ್ನು “ವರ್ಗಾಯಿಸುವಂತಿಲ್ಲ” ಎಂದು ಸ್ಪಷ್ಟವಾಗಿ ಉಲ್ಲೇಖಿಸಲಾಗಿದ್ದರೂ ಇತರರು ಅವುಗಳನ್ನು ಬಳಸುತ್ತಿದ್ದಾರೆ ಎಂದು ಹೇಳಿದರು.
“ಟಿಕೆಟ್‌ಗಳನ್ನು ಆನ್‌ಲೈನ್‌ನಲ್ಲಿ ಬ್ಲಾಕ್ ಮಾರಾಟ ಮಾಡಿದರೆ ಮತ್ತು ಅವುಗಳನ್ನು ಬೇರೆಯವರು ಬಳಸುತ್ತಿದ್ದರೆ, ಅದನ್ನು ತನಿಖೆ ಮಾಡಲಾಗುತ್ತದೆ. ಆನ್‌ಲೈನ್‌ನಲ್ಲಿ ಟಿಕೆಟ್‌ಗಳನ್ನು ಬ್ಲಾಕ್ ಮಾರಾಟ, ಅವುಗಳನ್ನು ಯಾರು ಮಾರುತ್ತಿದ್ದಾರೆ ಎಂಬುದನ್ನು ನಾವು ಹೇಗೆ ನಿಯಂತ್ರಿಸಬಹುದು? ಯಾರಾದರೂ ದುರುಪಯೋಗಪಡಿಸಿಕೊಂಡರೆ, ಅದನ್ನು ಕಡ್ಡಾಯವಾಗಿ ತಡೆಯಲಾಗುತ್ತದೆ. ಶಾಸಕರು ಪಂದ್ಯ ನೋಡಲು ಹೋಗಬಹುದು ಅಥವಾ ಅವರ ಕುಟುಂಬ ಸದಸ್ಯರು ಹಾಜರಾಗಬಹುದು. ಅದನ್ನು ಬೇರೆ ರೀತಿಯಲ್ಲಿ ಬಳಸಿದರೆ ಯಾವುದೇ ತಪ್ಪನ್ನು ಗುರುತಿಸುವುದು ನಮಗೆ ಕಷ್ಟ. ಅದನ್ನು
‘ವರ್ಗಾಯಿಸುವಂತಿಲ್ಲ’ ಎಂದು ಸ್ಪಷ್ಟವಾಗಿ
ಉಲ್ಲೇಖಿಸಿದ್ದರೂ, ಇತರರು ಅವನ್ನು ಬಳಸಲು ಸಾಧ್ಯವಿಲ್ಲ. ಆದರೆ, ಅಂತಹ ಪರಿಸ್ಥಿತಿ ಎದುರಾಗಿದ್ದರೆ, ಇತರರು ಹಾಜರಾಗಬಹುದು. ಶಾಸಕರ ಸ್ನೇಹಿತರು ಅಥವಾ ಕುಟುಂಬ ಸದಸ್ಯರು ಸಹ ಹೋಗಬಹುದು’ ಎಂದು ಪರಮೇಶ್ವರ ಸುದ್ದಿಗಾರರಿಗೆ ತಿಳಿಸಿದರು.
2026ರ ಐಪಿಎಲ್ ಟೂರ್ನಿಯ ಮುನ್ನ, ಕಾಂಗ್ರೆಸ್ ಶಾಸಕ ವಿಜಯಾನಂದ ಕಾಶಪ್ಪನವರ್, ಪ್ರತಿಯೊಬ್ಬ ಶಾಸಕರಿಗೂ ಕನಿಷ್ಠ ಐದು ಐಪಿಎಲ್ ಟಿಕೆಟ್‌ಗಳನ್ನು ಸಿಗಬೇಕು. ಏಕೆಂದರೆ ಹೆಚ್ಚಿನವರು ಪಂದ್ಯಗಳನ್ನು ವೀಕ್ಷಿಸುವುದಿಲ್ಲ. ನಾವು ಸಾಲಿನಲ್ಲಿ ನಿಂತು ಟಿಕೆಟ್ ಖರೀದಿಸಲು ಆಗುವುದಿಲ್ಲ ಎಂದು ಹೇಳಿದ್ದರು.
ಎಂ ಚಿನ್ನಸ್ವಾಮಿ ಕ್ರೀಡಾಂಗಣದಲ್ಲಿ ಭಾನುವಾರ ನಡೆದ ಪಂದ್ಯದಲ್ಲಿ ಚೆನ್ನೈ ಸೂಪರ್ ಕಿಂಗ್ಸ್ (ಸಿಎಸ್‌ಕೆ) ವಿರುದ್ಧ 43 ರನ್‌ಗಳ ಭರ್ಜರಿ ಜಯ ಸಾಧಿಸುವ ಮೂಲಕ ಹಾಲಿ ಚಾಂಪಿಯನ್ ಆರ್‌ಸಿಬಿ ಐಪಿಎಲ್ 2026 ರಲ್ಲಿ ತಮ್ಮ ಗೆಲುವಿನ ಓಟವನ್ನು ಮುಂದುವರಿಸಿದೆ.
